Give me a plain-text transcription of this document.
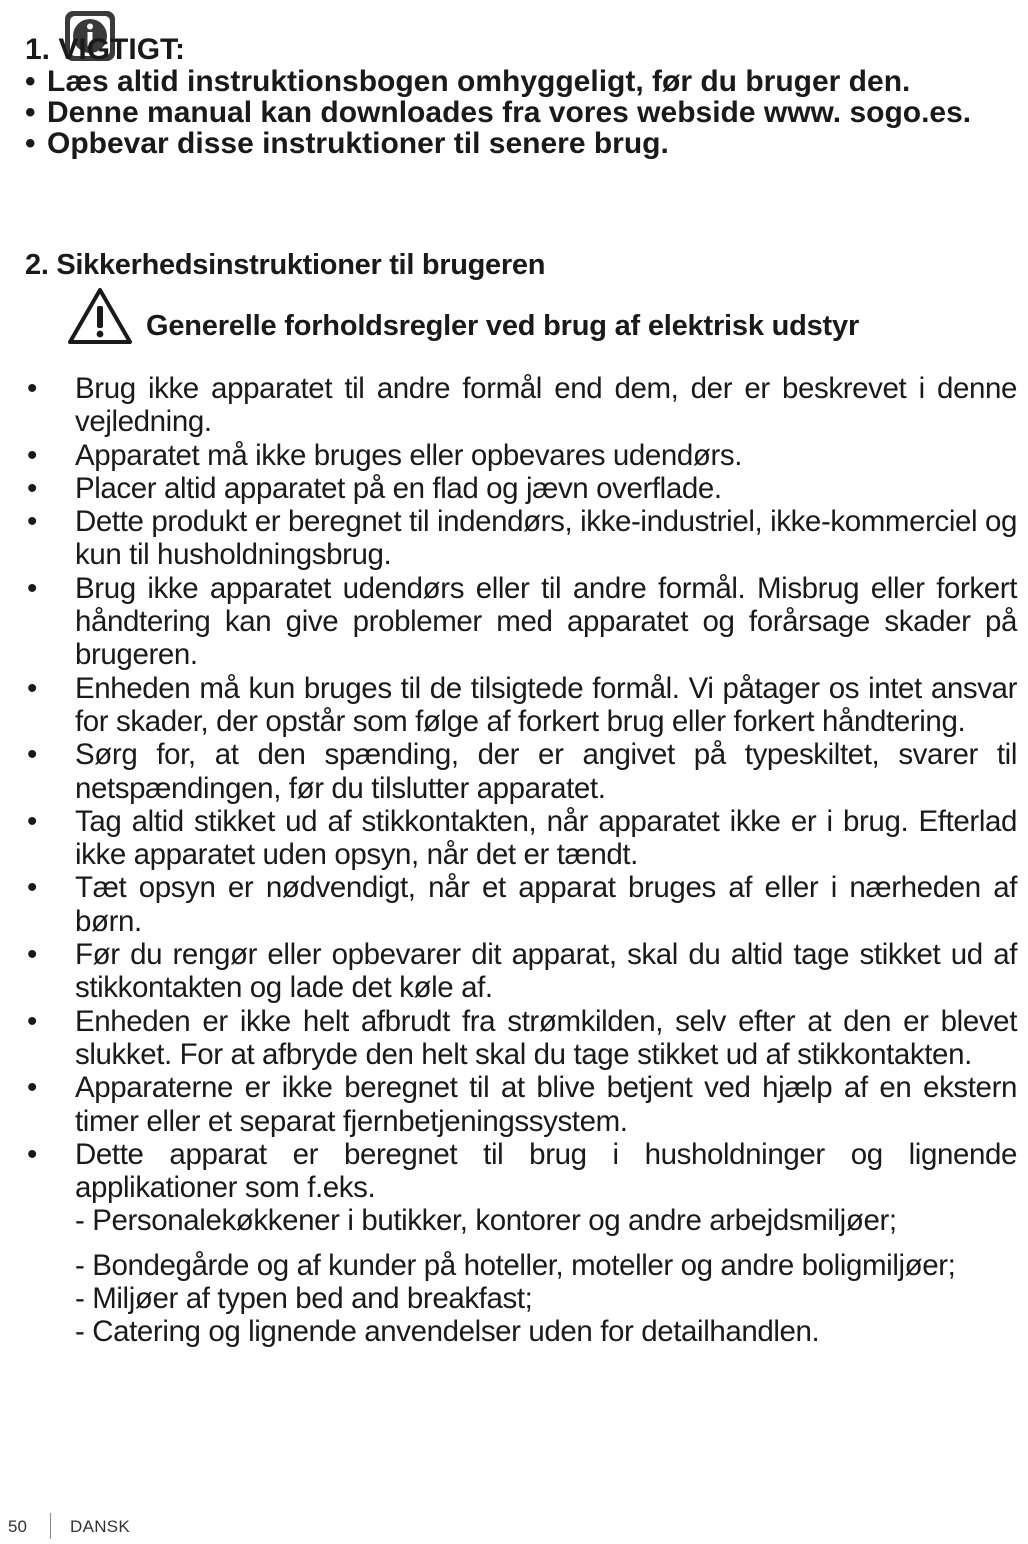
1. VIGTIGT:
• Læs altid instruktionsbogen omhyggeligt, før du bruger den.
• Denne manual kan downloades fra vores webside www. sogo.es.
• Opbevar disse instruktioner til senere brug.
2. Sikkerhedsinstruktioner til brugeren
Generelle forholdsregler ved brug af elektrisk udstyr
• Brug ikke apparatet til andre formål end dem, der er beskrevet i denne vejledning.
• Apparatet må ikke bruges eller opbevares udendørs.
• Placer altid apparatet på en flad og jævn overflade.
• Dette produkt er beregnet til indendørs, ikke-industriel, ikke-kommerciel og kun til husholdningsbrug.
• Brug ikke apparatet udendørs eller til andre formål. Misbrug eller forkert håndtering kan give problemer med apparatet og forårsage skader på brugeren.
• Enheden må kun bruges til de tilsigtede formål. Vi påtager os intet ansvar for skader, der opstår som følge af forkert brug eller forkert håndtering.
• Sørg for, at den spænding, der er angivet på typeskiltet, svarer til netspændingen, før du tilslutter apparatet.
• Tag altid stikket ud af stikkontakten, når apparatet ikke er i brug. Efterlad ikke apparatet uden opsyn, når det er tændt.
• Tæt opsyn er nødvendigt, når et apparat bruges af eller i nærheden af børn.
• Før du rengør eller opbevarer dit apparat, skal du altid tage stikket ud af stikkontakten og lade det køle af.
• Enheden er ikke helt afbrudt fra strømkilden, selv efter at den er blevet slukket. For at afbryde den helt skal du tage stikket ud af stikkontakten.
• Apparaterne er ikke beregnet til at blive betjent ved hjælp af en ekstern timer eller et separat fjernbetjeningssystem.
• Dette apparat er beregnet til brug i husholdninger og lignende applikationer som f.eks.
- Personalekøkkener i butikker, kontorer og andre arbejdsmiljøer;
- Bondegårde og af kunder på hoteller, moteller og andre boligmiljøer;
- Miljøer af typen bed and breakfast;
- Catering og lignende anvendelser uden for detailhandlen.
50	DANSK
